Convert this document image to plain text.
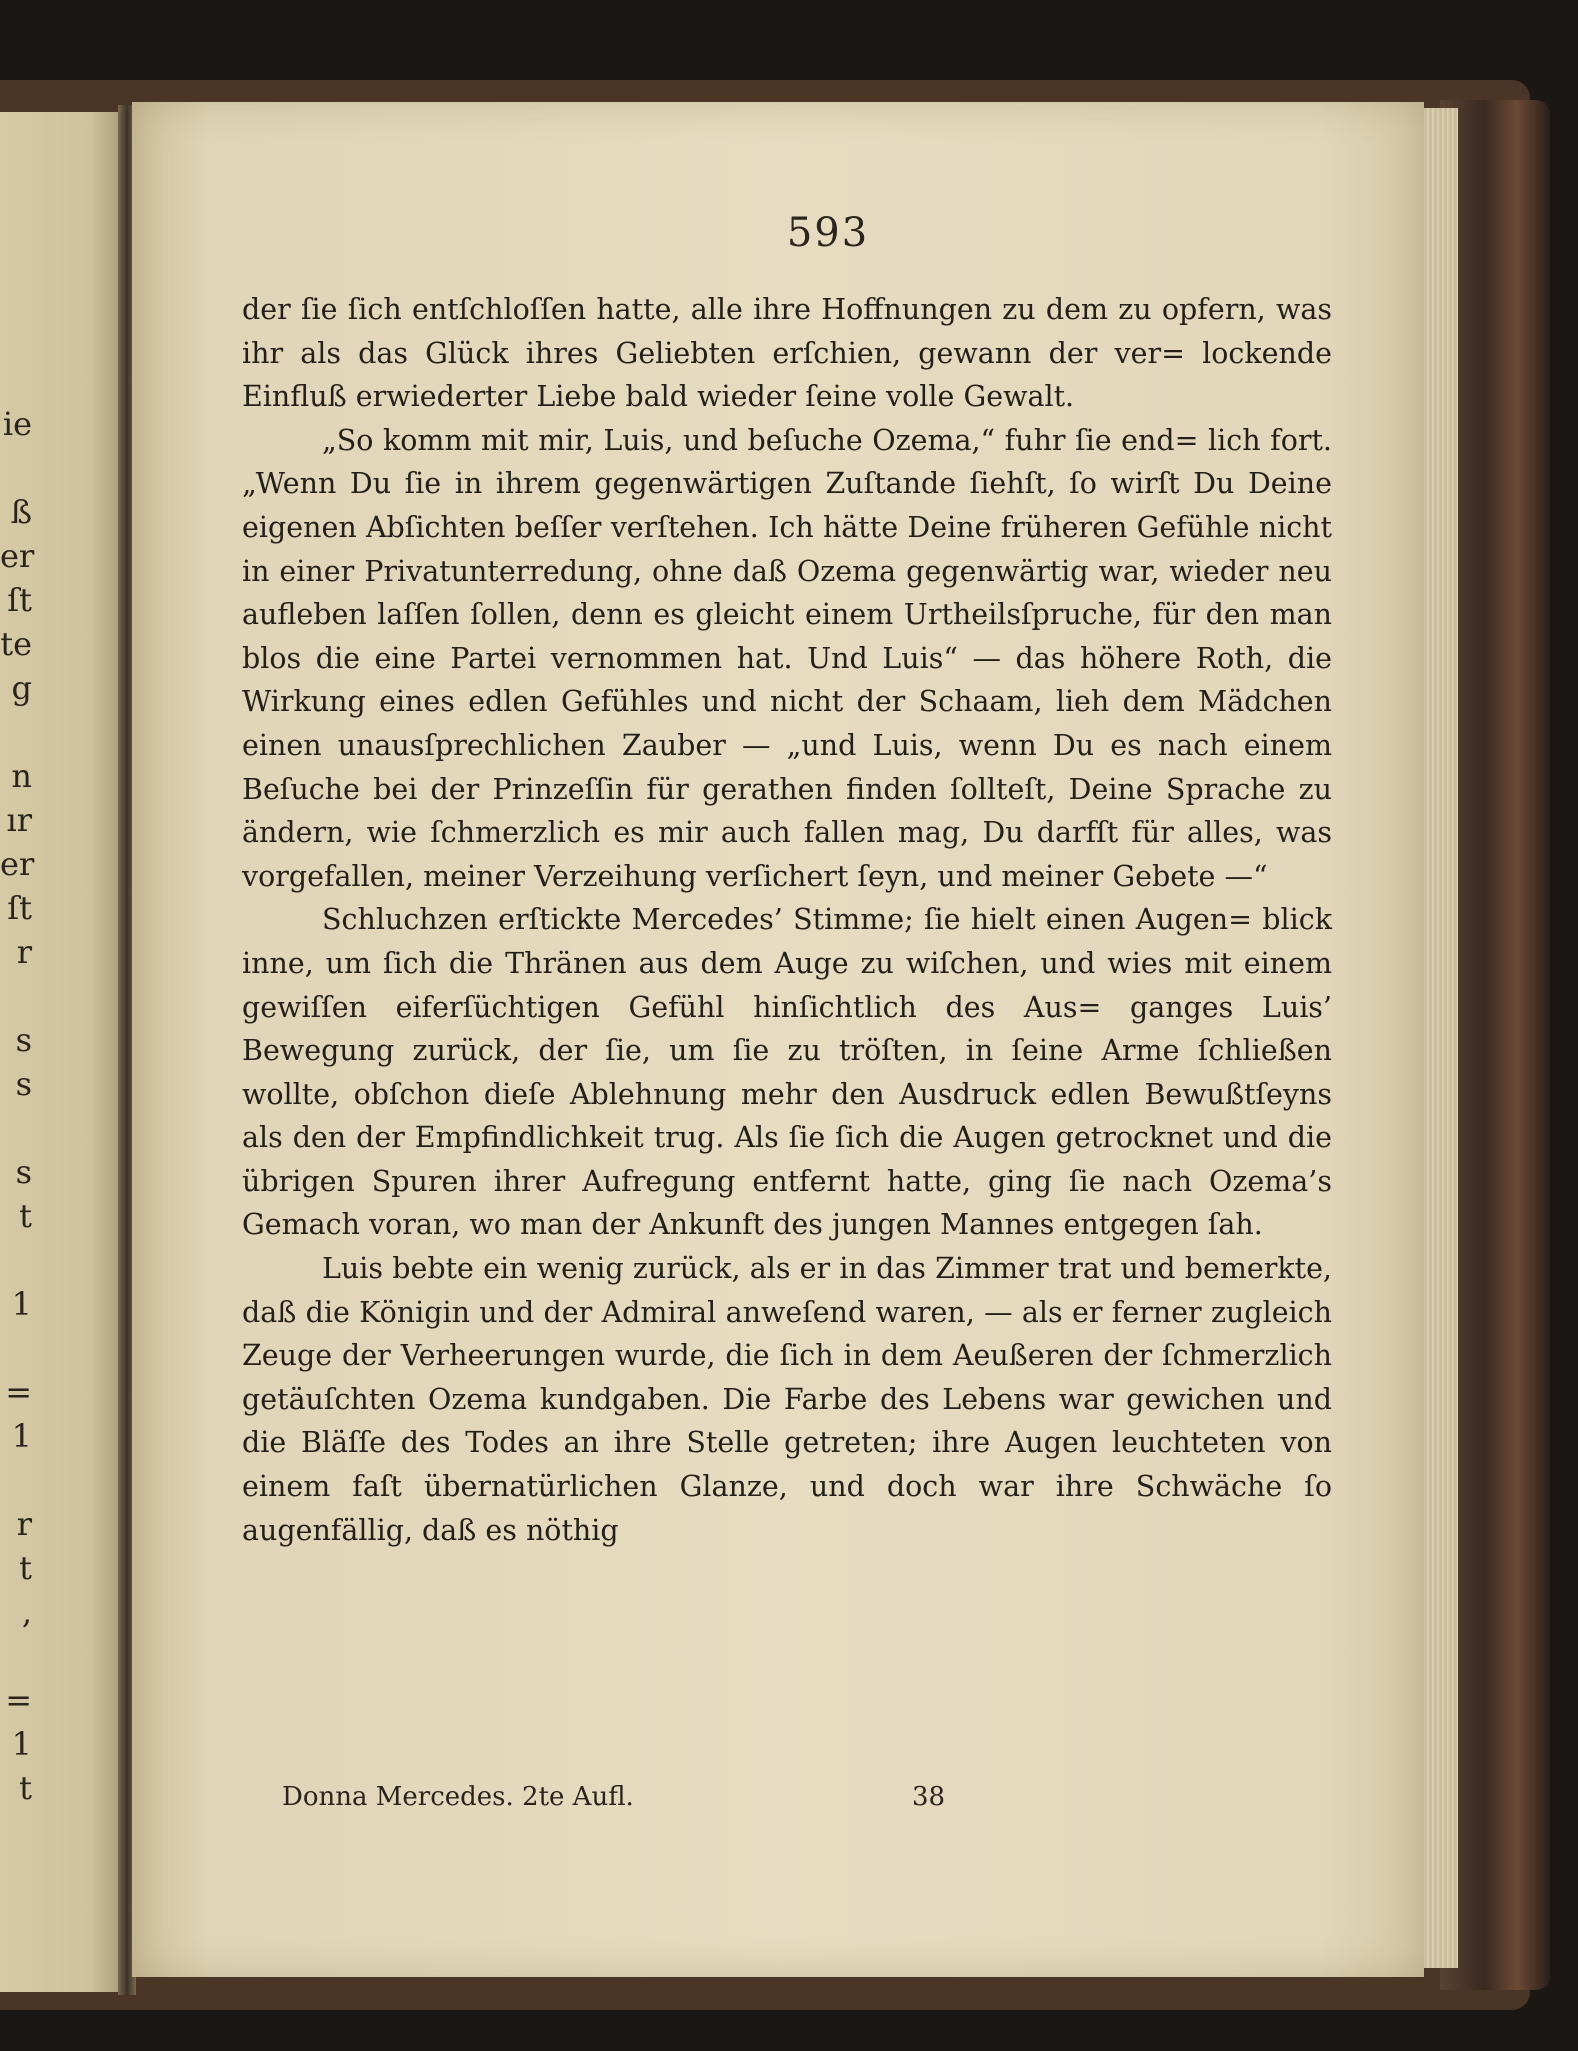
ie
ß
er
ſt
te
g
n
ır
er
ſt
r
s
s
s
t
1
=
1
r
t
,
=
1
t
593

der ſie ſich entſchloſſen hatte, alle ihre Hoffnungen zu dem zu opfern, was ihr als das Glück ihres Geliebten erſchien, gewann der ver= lockende Einfluß erwiederter Liebe bald wieder ſeine volle Gewalt.

„So komm mit mir, Luis, und beſuche Ozema,“ fuhr ſie end= lich fort. „Wenn Du ſie in ihrem gegenwärtigen Zuſtande ſiehſt, ſo wirſt Du Deine eigenen Abſichten beſſer verſtehen. Ich hätte Deine früheren Gefühle nicht in einer Privatunterredung, ohne daß Ozema gegenwärtig war, wieder neu aufleben laſſen ſollen, denn es gleicht einem Urtheilsſpruche, für den man blos die eine Partei vernommen hat. Und Luis“ — das höhere Roth, die Wirkung eines edlen Gefühles und nicht der Schaam, lieh dem Mädchen einen unausſprechlichen Zauber — „und Luis, wenn Du es nach einem Beſuche bei der Prinzeſſin für gerathen finden ſollteſt, Deine Sprache zu ändern, wie ſchmerzlich es mir auch fallen mag, Du darfſt für alles, was vorgefallen, meiner Verzeihung verſichert ſeyn, und meiner Gebete —“

Schluchzen erſtickte Mercedes’ Stimme; ſie hielt einen Augen= blick inne, um ſich die Thränen aus dem Auge zu wiſchen, und wies mit einem gewiſſen eiferſüchtigen Gefühl hinſichtlich des Aus= ganges Luis’ Bewegung zurück, der ſie, um ſie zu tröſten, in ſeine Arme ſchließen wollte, obſchon dieſe Ablehnung mehr den Ausdruck edlen Bewußtſeyns als den der Empfindlichkeit trug. Als ſie ſich die Augen getrocknet und die übrigen Spuren ihrer Aufregung entfernt hatte, ging ſie nach Ozema’s Gemach voran, wo man der Ankunft des jungen Mannes entgegen ſah.

Luis bebte ein wenig zurück, als er in das Zimmer trat und bemerkte, daß die Königin und der Admiral anweſend waren, — als er ferner zugleich Zeuge der Verheerungen wurde, die ſich in dem Aeußeren der ſchmerzlich getäuſchten Ozema kundgaben. Die Farbe des Lebens war gewichen und die Bläſſe des Todes an ihre Stelle getreten; ihre Augen leuchteten von einem faſt übernatürlichen Glanze, und doch war ihre Schwäche ſo augenfällig, daß es nöthig

Donna Mercedes. 2te Aufl.	38
